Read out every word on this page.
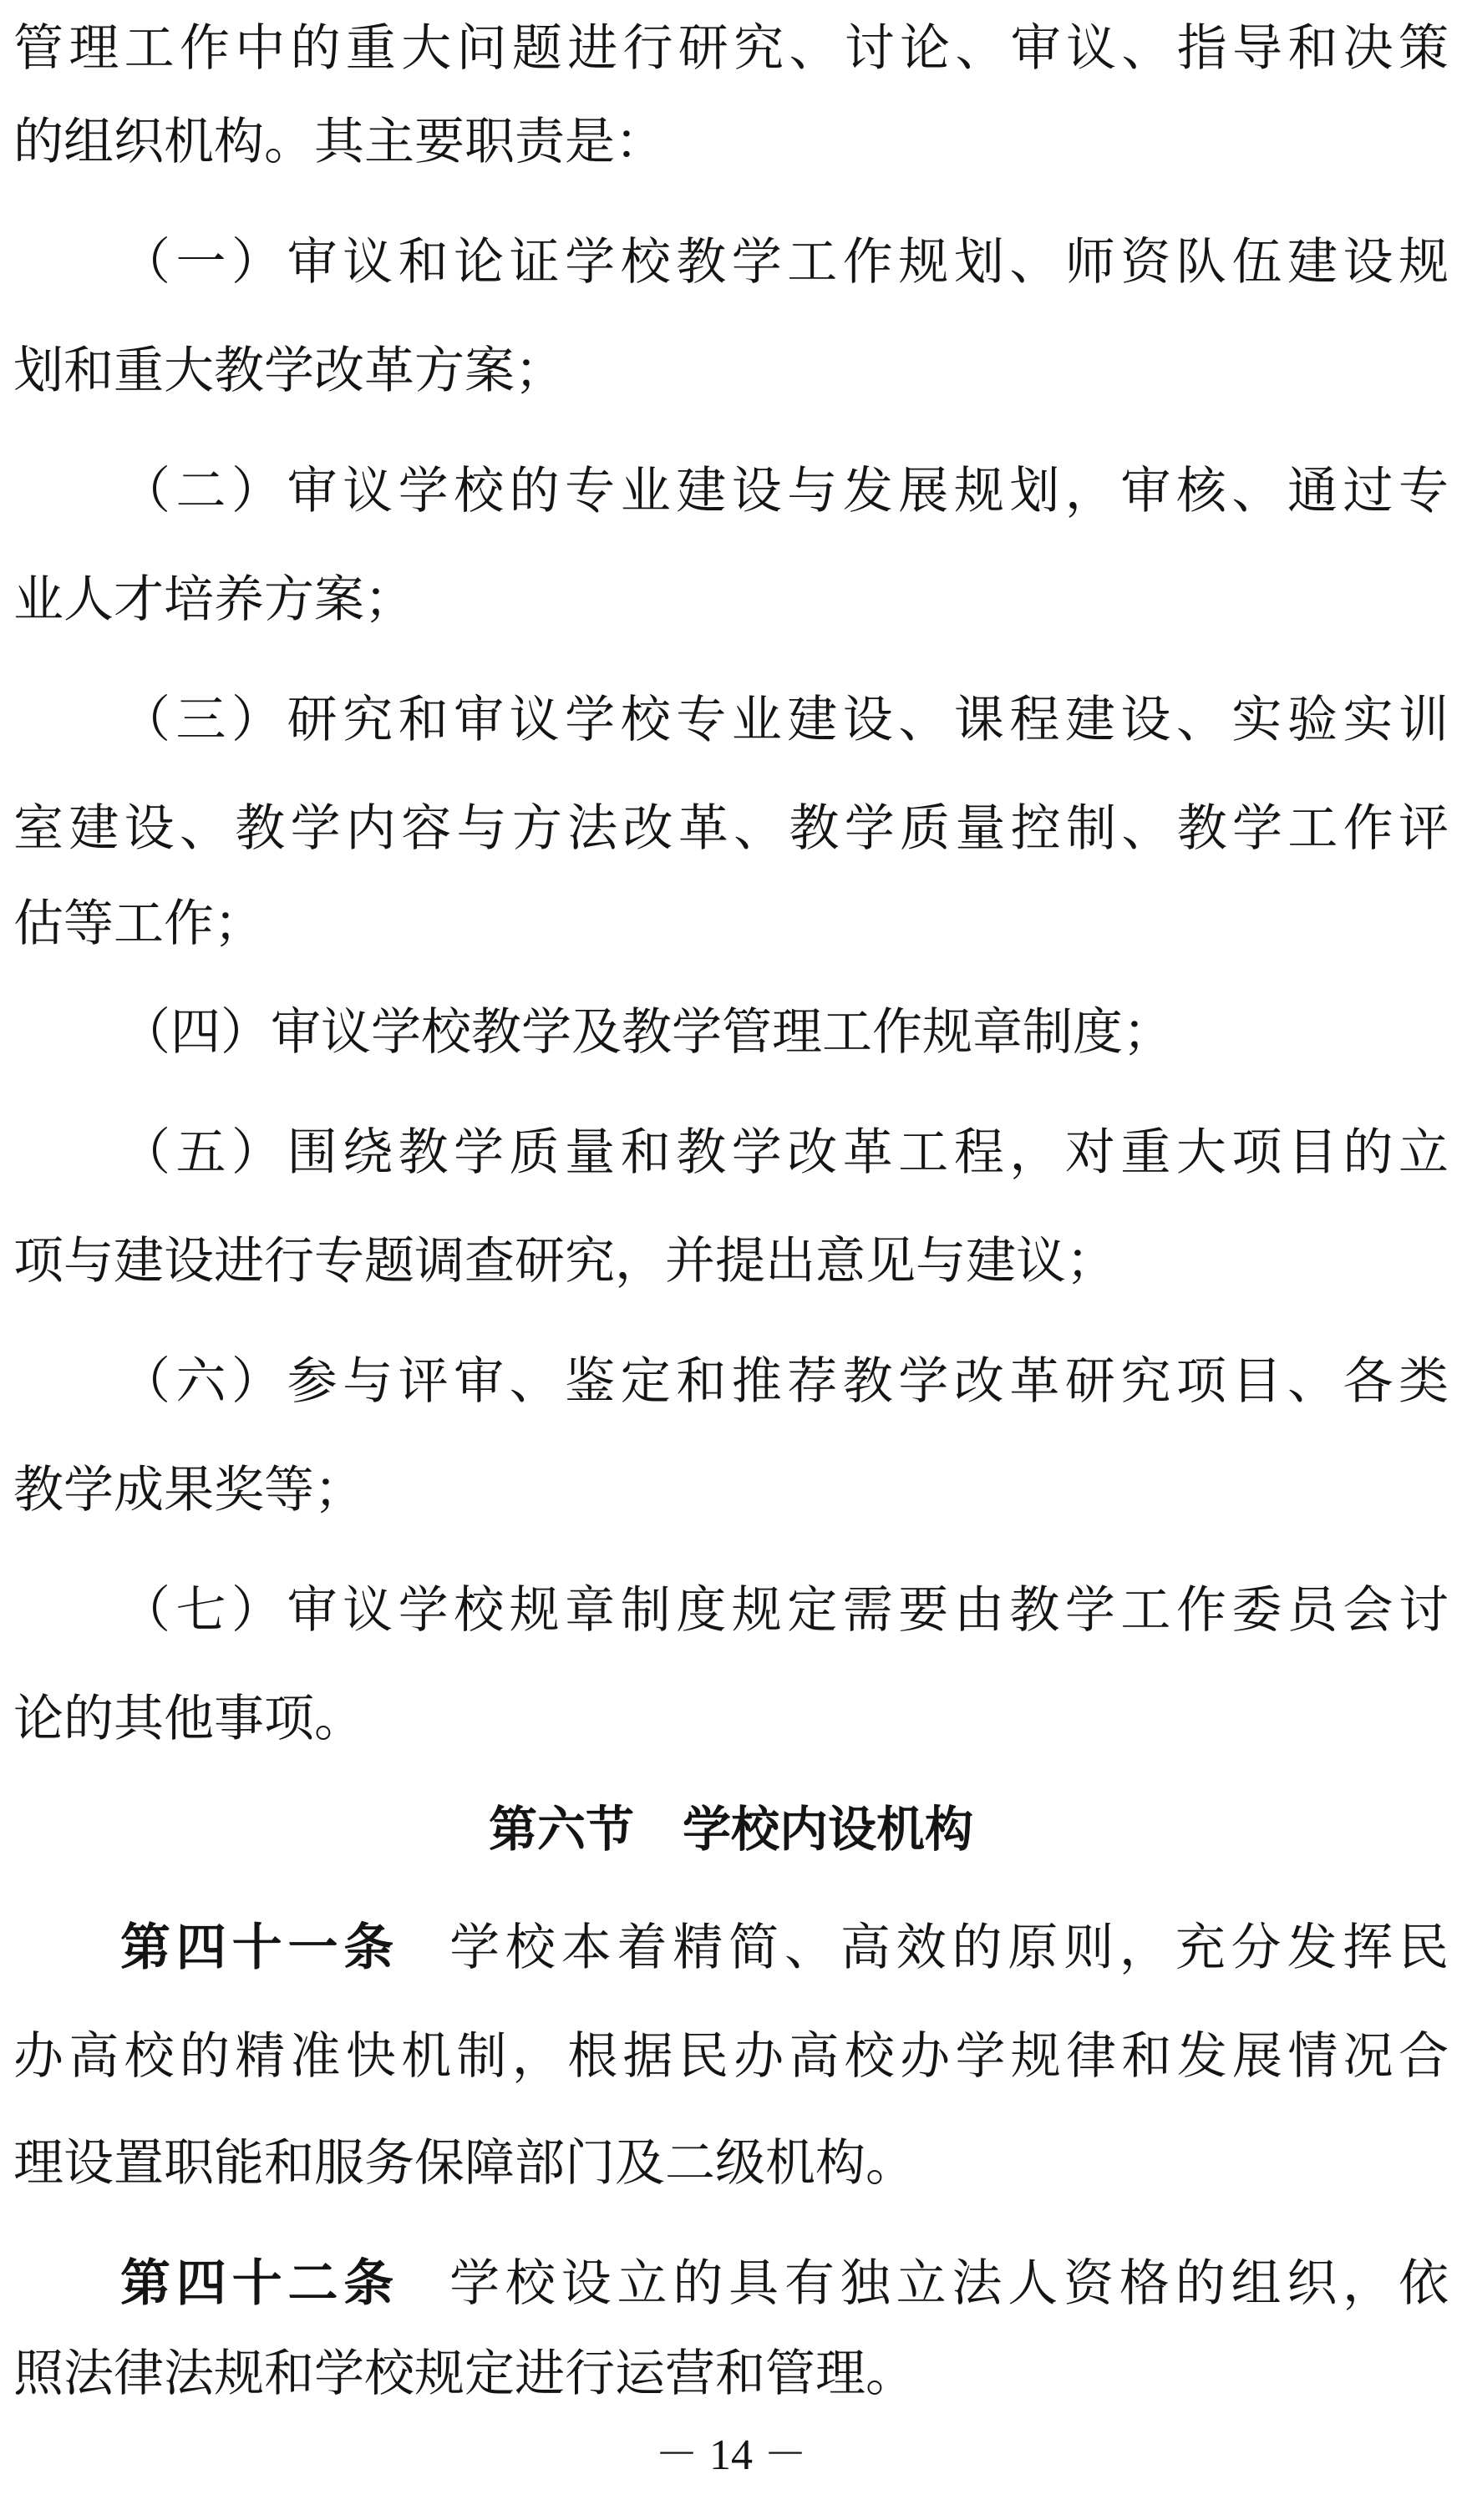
管理工作中的重大问题进行研究、讨论、审议、指导和决策
的组织机构。其主要职责是：
（一）审议和论证学校教学工作规划、师资队伍建设规
划和重大教学改革方案；
（二）审议学校的专业建设与发展规划，审核、通过专
业人才培养方案；
（三）研究和审议学校专业建设、课程建设、实验实训
室建设、教学内容与方法改革、教学质量控制、教学工作评
估等工作；
（四）审议学校教学及教学管理工作规章制度；
（五）围绕教学质量和教学改革工程，对重大项目的立
项与建设进行专题调查研究，并提出意见与建议；
（六）参与评审、鉴定和推荐教学改革研究项目、各类
教学成果奖等；
（七）审议学校规章制度规定需要由教学工作委员会讨
论的其他事项。
第六节　学校内设机构
第四十一条 学校本着精简、高效的原则，充分发挥民
办高校的精准快机制，根据民办高校办学规律和发展情况合
理设置职能和服务保障部门及二级机构。
第四十二条 学校设立的具有独立法人资格的组织，依
照法律法规和学校规定进行运营和管理。
－ 14 －
